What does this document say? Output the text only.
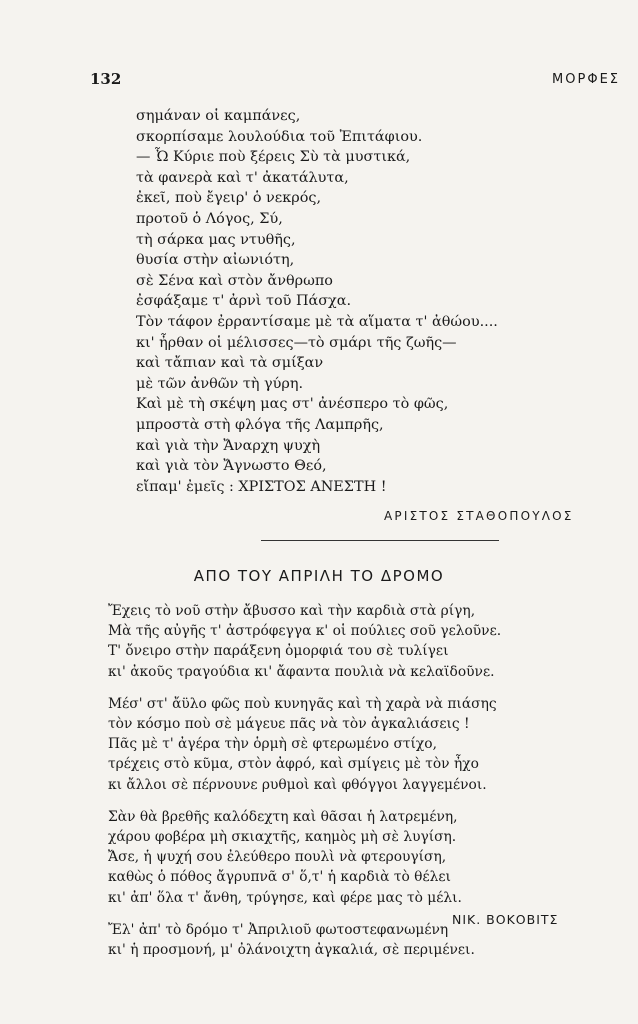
132	ΜΟΡΦΕΣ
σημάναν οἱ καμπάνες,
σκορπίσαμε λουλούδια τοῦ Ἐπιτάφιου.
— Ὦ Κύριε ποὺ ξέρεις Σὺ τὰ μυστικά,
τὰ φανερὰ καὶ τ' ἀκατάλυτα,
ἐκεῖ, ποὺ ἔγειρ' ὁ νεκρός,
προτοῦ ὁ Λόγος, Σύ,
τὴ σάρκα μας ντυθῆς,
θυσία στὴν αἰωνιότη,
σὲ Σένα καὶ στὸν ἄνθρωπο
ἐσφάξαμε τ' ἀρνὶ τοῦ Πάσχα.
Τὸν τάφον ἐρραντίσαμε μὲ τὰ αἵματα τ' ἀθώου....
κι' ἦρθαν οἱ μέλισσες—τὸ σμάρι τῆς ζωῆς—
καὶ τἄπιαν καὶ τὰ σμίξαν
μὲ τῶν ἀνθῶν τὴ γύρη.
Καὶ μὲ τὴ σκέψη μας στ' ἀνέσπερο τὸ φῶς,
μπροστὰ στὴ φλόγα τῆς Λαμπρῆς,
καὶ γιὰ τὴν Ἄναρχη ψυχὴ
καὶ γιὰ τὸν Ἄγνωστο Θεό,
εἴπαμ' ἐμεῖς : ΧΡΙΣΤΟΣ ΑΝΕΣΤΗ !
ΑΡΙΣΤΟΣ ΣΤΑΘΟΠΟΥΛΟΣ
ΑΠΟ ΤΟΥ ΑΠΡΙΛΗ ΤΟ ΔΡΟΜΟ
Ἔχεις τὸ νοῦ στὴν ἄβυσσο καὶ τὴν καρδιὰ στὰ ρίγη,
Μὰ τῆς αὐγῆς τ' ἀστρόφεγγα κ' οἱ πούλιες σοῦ γελοῦνε.
Τ' ὄνειρο στὴν παράξενη ὀμορφιά του σὲ τυλίγει
κι' ἀκοῦς τραγούδια κι' ἄφαντα πουλιὰ νὰ κελαϊδοῦνε.
Μέσ' στ' ἄϋλο φῶς ποὺ κυνηγᾶς καὶ τὴ χαρὰ νὰ πιάσης
τὸν κόσμο ποὺ σὲ μάγευε πᾶς νὰ τὸν ἀγκαλιάσεις !
Πᾶς μὲ τ' ἀγέρα τὴν ὁρμὴ σὲ φτερωμένο στίχο,
τρέχεις στὸ κῦμα, στὸν ἀφρό, καὶ σμίγεις μὲ τὸν ἦχο
κι ἄλλοι σὲ πέρνουνε ρυθμοὶ καὶ φθόγγοι λαγγεμένοι.
Σὰν θὰ βρεθῆς καλόδεχτη καὶ θᾶσαι ἡ λατρεμένη,
χάρου φοβέρα μὴ σκιαχτῆς, καημὸς μὴ σὲ λυγίση.
Ἄσε, ἡ ψυχή σου ἐλεύθερο πουλὶ νὰ φτερουγίση,
καθὼς ὁ πόθος ἄγρυπνᾶ σ' ὅ,τ' ἡ καρδιὰ τὸ θέλει
κι' ἀπ' ὅλα τ' ἄνθη, τρύγησε, καὶ φέρε μας τὸ μέλι.
Ἔλ' ἀπ' τὸ δρόμο τ' Ἀπριλιοῦ φωτοστεφανωμένη
κι' ἡ προσμονή, μ' ὀλάνοιχτη ἀγκαλιά, σὲ περιμένει.
ΝΙΚ. ΒΟΚΟΒΙΤΣ
